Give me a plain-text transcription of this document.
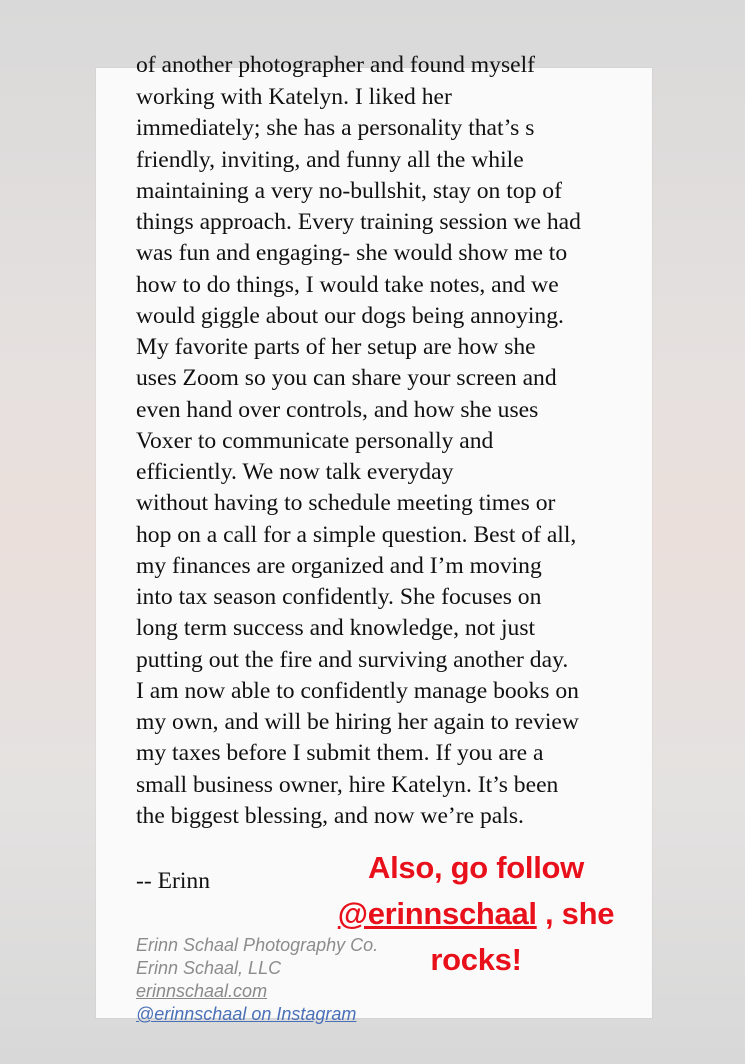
of another photographer and found myself
working with Katelyn. I liked her
immediately; she has a personality that’s s
friendly, inviting, and funny all the while
maintaining a very no-bullshit, stay on top of
things approach. Every training session we had
was fun and engaging- she would show me to
how to do things, I would take notes, and we
would giggle about our dogs being annoying.
My favorite parts of her setup are how she
uses Zoom so you can share your screen and
even hand over controls, and how she uses
Voxer to communicate personally and
efficiently. We now talk everyday
without having to schedule meeting times or
hop on a call for a simple question. Best of all,
my finances are organized and I’m moving
into tax season confidently. She focuses on
long term success and knowledge, not just
putting out the fire and surviving another day.
I am now able to confidently manage books on
my own, and will be hiring her again to review
my taxes before I submit them. If you are a
small business owner, hire Katelyn. It’s been
the biggest blessing, and now we’re pals.
-- Erinn
Erinn Schaal Photography Co.
Erinn Schaal, LLC
erinnschaal.com
@erinnschaal on Instagram
Also, go follow
@erinnschaal , she
rocks!
